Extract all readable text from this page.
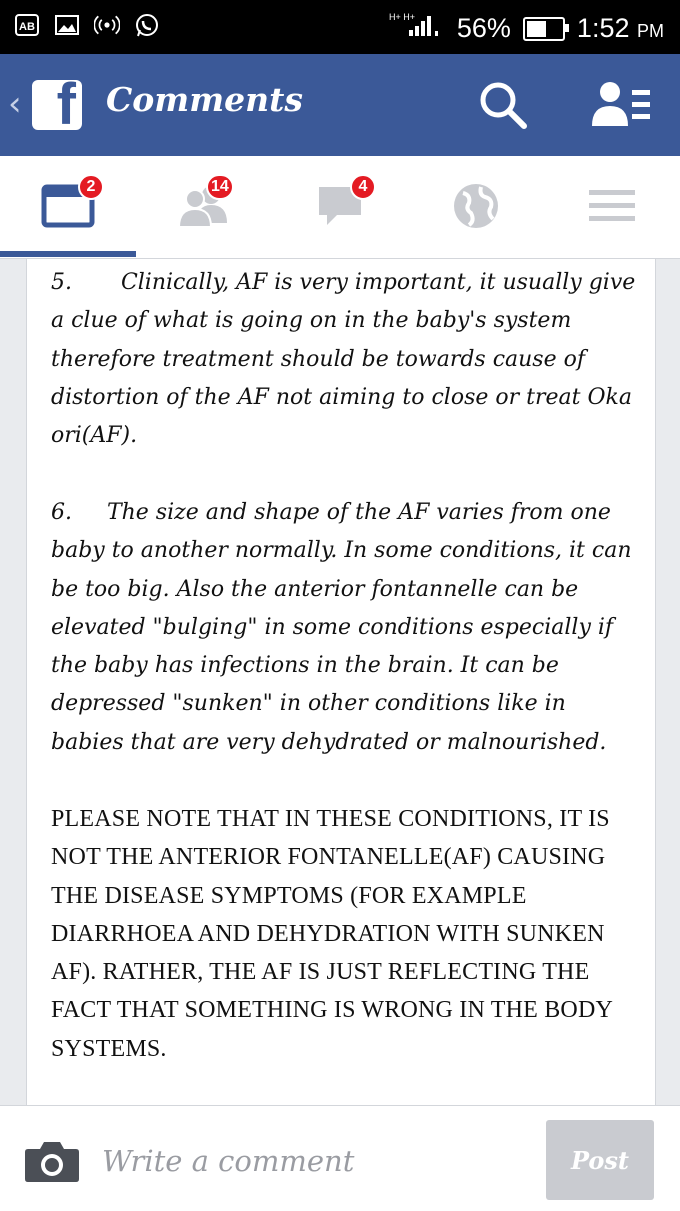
AB
H+ H+ 56% 1:52 PM
‹ f Comments
2	14	4

5.       Clinically, AF is very important, it usually give a clue of what is going on in the baby's system therefore treatment should be towards cause of distortion of the AF not aiming to close or treat Oka ori(AF).

6.     The size and shape of the AF varies from one baby to another normally. In some conditions, it can be too big. Also the anterior fontannelle can be elevated "bulging" in some conditions especially if the baby has infections in the brain. It can be depressed "sunken" in other conditions like in babies that are very dehydrated or malnourished.

PLEASE NOTE THAT IN THESE CONDITIONS, IT IS NOT THE ANTERIOR FONTANELLE(AF) CAUSING THE DISEASE SYMPTOMS (FOR EXAMPLE DIARRHOEA AND DEHYDRATION WITH SUNKEN AF). RATHER, THE AF IS JUST REFLECTING THE FACT THAT SOMETHING IS WRONG IN THE BODY SYSTEMS.

Write a comment
Post
